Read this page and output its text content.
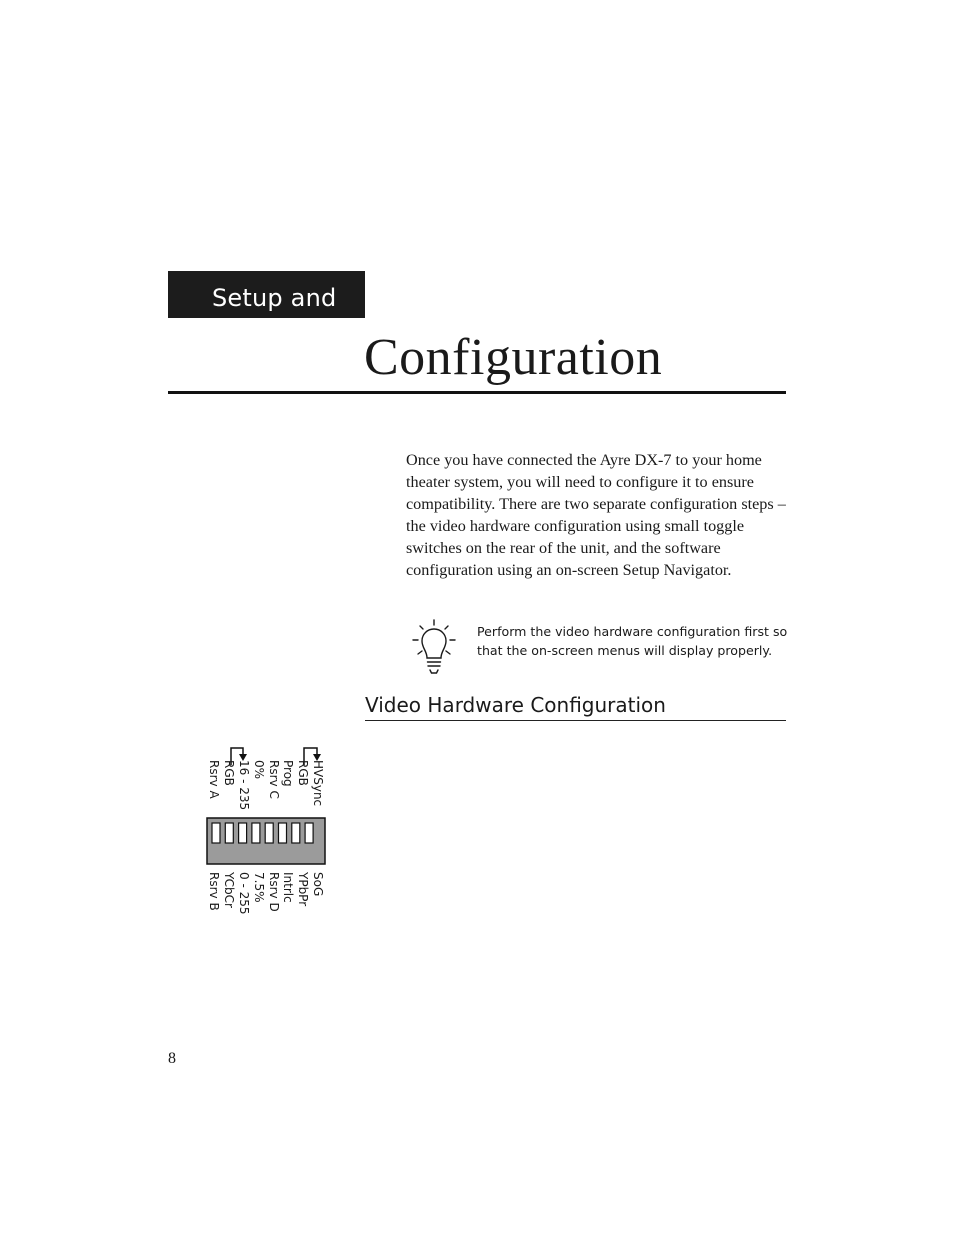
Setup and
Configuration

Once you have connected the Ayre DX-7 to your home theater system, you will need to configure it to ensure compatibility. There are two separate configuration steps – the video hardware configuration using small toggle switches on the rear of the unit, and the software configuration using an on-screen Setup Navigator.

Perform the video hardware configuration first so that the on-screen menus will display properly.

Video Hardware Configuration
HVSync
RGB
Prog
Rsrv C
0%
16 - 235
RGB
Rsrv A
SoG
YPbPr
Intrlc
Rsrv D
7.5%
0 - 255
YCbCr
Rsrv B
8
